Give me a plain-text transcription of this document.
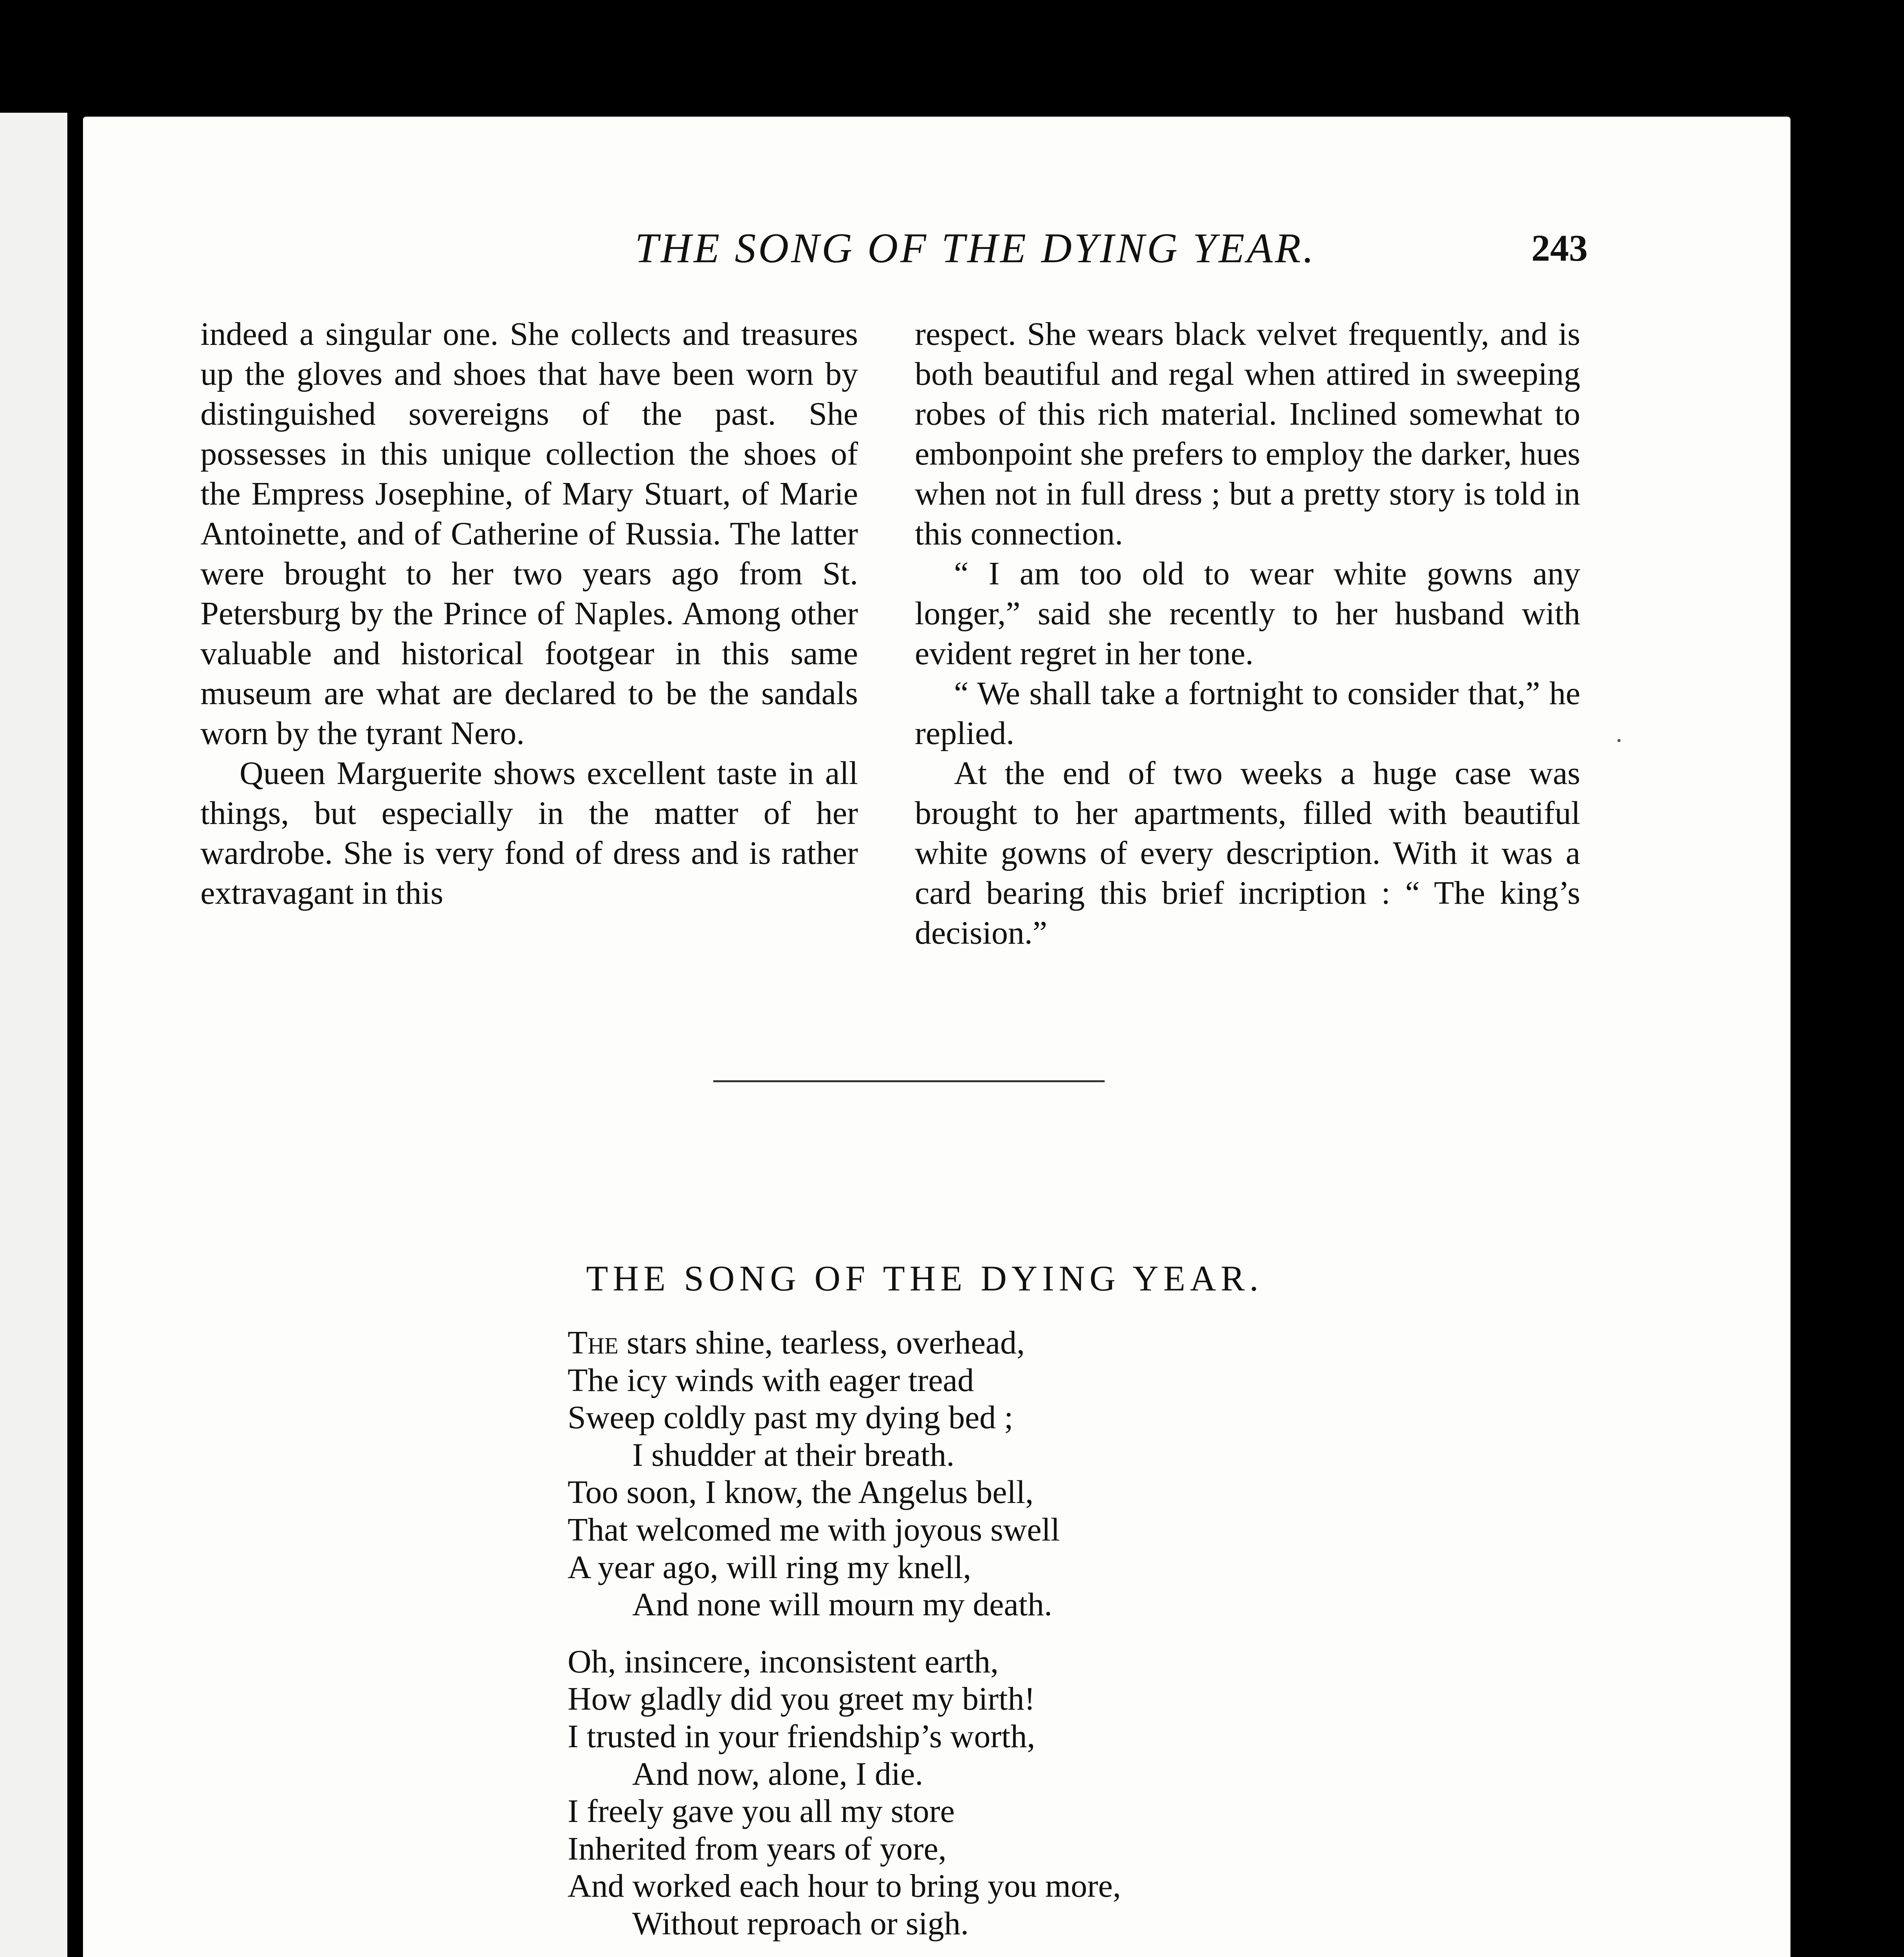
THE SONG OF THE DYING YEAR.	243

indeed a singular one. She collects and treasures up the gloves and shoes that have been worn by distinguished sovereigns of the past. She possesses in this unique collection the shoes of the Empress Josephine, of Mary Stuart, of Marie Antoinette, and of Catherine of Russia. The latter were brought to her two years ago from St. Petersburg by the Prince of Naples. Among other valuable and historical footgear in this same museum are what are declared to be the sandals worn by the tyrant Nero.

Queen Marguerite shows excellent taste in all things, but especially in the matter of her wardrobe. She is very fond of dress and is rather extravagant in this

respect. She wears black velvet frequently, and is both beautiful and regal when attired in sweeping robes of this rich material. Inclined somewhat to embonpoint she prefers to employ the darker, hues when not in full dress ; but a pretty story is told in this connection.

“ I am too old to wear white gowns any longer,” said she recently to her husband with evident regret in her tone.

“ We shall take a fortnight to consider that,” he replied.

At the end of two weeks a huge case was brought to her apartments, filled with beautiful white gowns of every description. With it was a card bearing this brief incription : “ The king’s decision.”

THE SONG OF THE DYING YEAR.
The stars shine, tearless, overhead,
The icy winds with eager tread
Sweep coldly past my dying bed ;
I shudder at their breath.
Too soon, I know, the Angelus bell,
That welcomed me with joyous swell
A year ago, will ring my knell,
And none will mourn my death.
Oh, insincere, inconsistent earth,
How gladly did you greet my birth!
I trusted in your friendship’s worth,
And now, alone, I die.
I freely gave you all my store
Inherited from years of yore,
And worked each hour to bring you more,
Without reproach or sigh.
